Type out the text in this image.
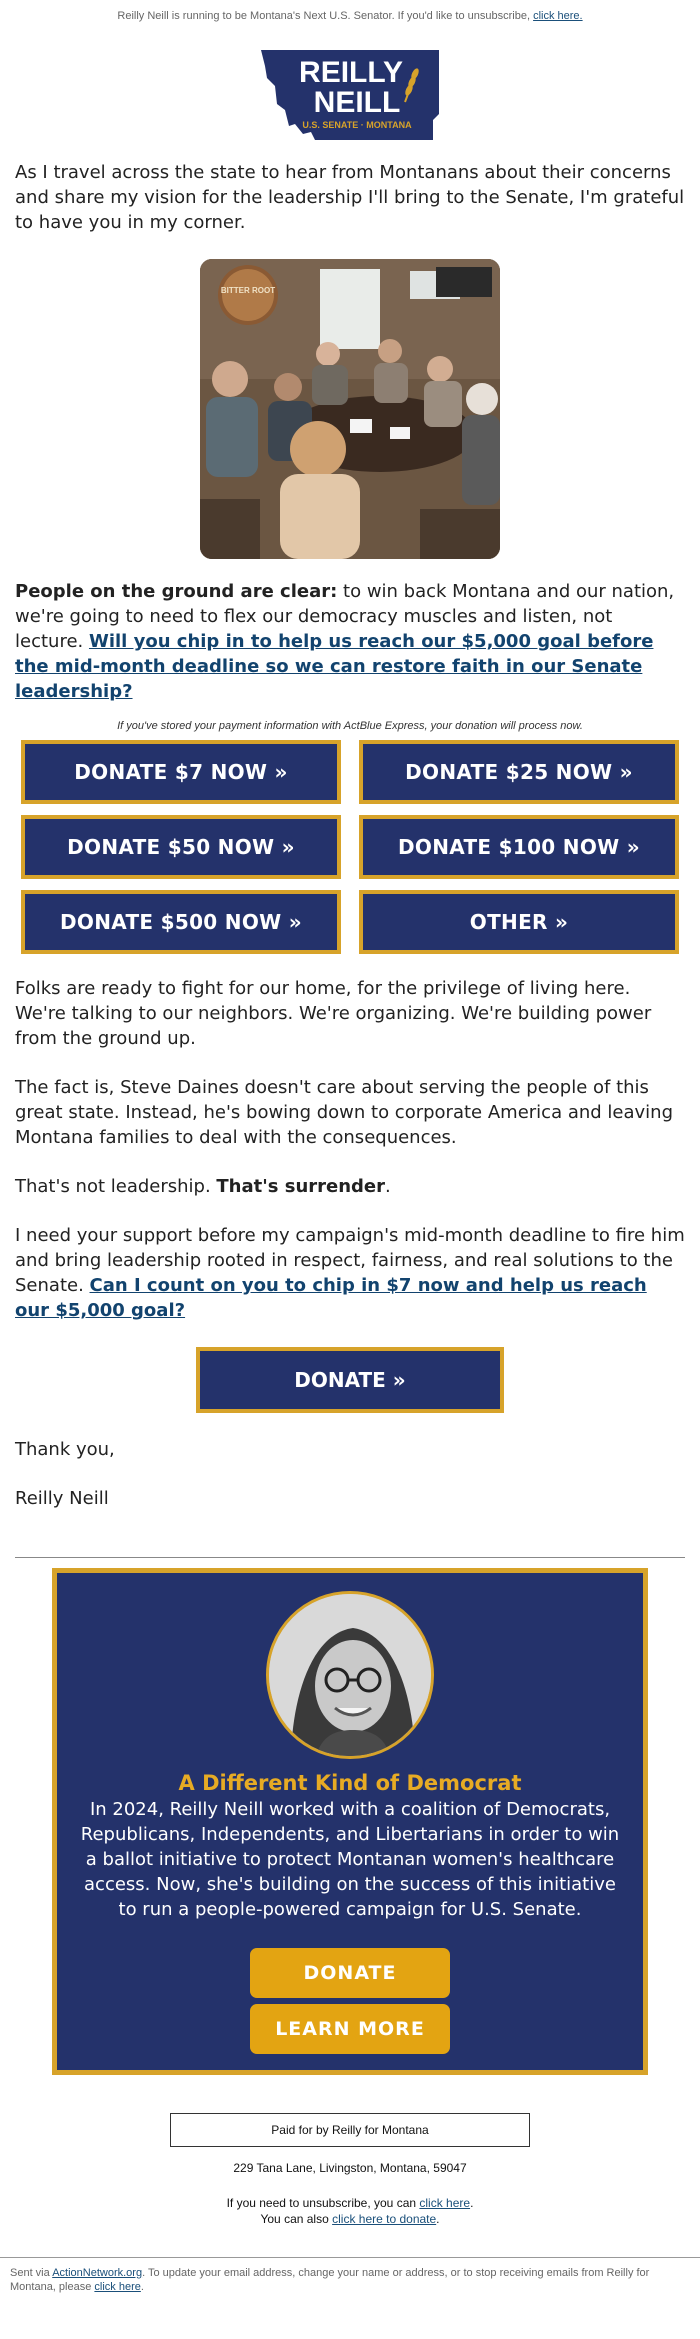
Reilly Neill is running to be Montana's Next U.S. Senator. If you'd like to unsubscribe, click here.
REILLY
NEILL
U.S. SENATE · MONTANA

As I travel across the state to hear from Montanans about their concerns and share my vision for the leadership I'll bring to the Senate, I'm grateful to have you in my corner.

BITTER ROOT

People on the ground are clear: to win back Montana and our nation, we're going to need to flex our democracy muscles and listen, not lecture. Will you chip in to help us reach our $5,000 goal before the mid-month deadline so we can restore faith in our Senate leadership?

If you've stored your payment information with ActBlue Express, your donation will process now.

DONATE $7 NOW »	DONATE $25 NOW »
DONATE $50 NOW »	DONATE $100 NOW »
DONATE $500 NOW »	OTHER »

Folks are ready to fight for our home, for the privilege of living here. We're talking to our neighbors. We're organizing. We're building power from the ground up.

The fact is, Steve Daines doesn't care about serving the people of this great state. Instead, he's bowing down to corporate America and leaving Montana families to deal with the consequences.

That's not leadership. That's surrender.

I need your support before my campaign's mid-month deadline to fire him and bring leadership rooted in respect, fairness, and real solutions to the Senate. Can I count on you to chip in $7 now and help us reach our $5,000 goal?

DONATE »

Thank you,

Reilly Neill

A Different Kind of Democrat

In 2024, Reilly Neill worked with a coalition of Democrats, Republicans, Independents, and Libertarians in order to win a ballot initiative to protect Montanan women's healthcare access. Now, she's building on the success of this initiative to run a people-powered campaign for U.S. Senate.

DONATE
LEARN MORE
Paid for by Reilly for Montana
229 Tana Lane, Livingston, Montana, 59047
If you need to unsubscribe, you can click here.
You can also click here to donate.
Sent via ActionNetwork.org. To update your email address, change your name or address, or to stop receiving emails from Reilly for Montana, please click here.
